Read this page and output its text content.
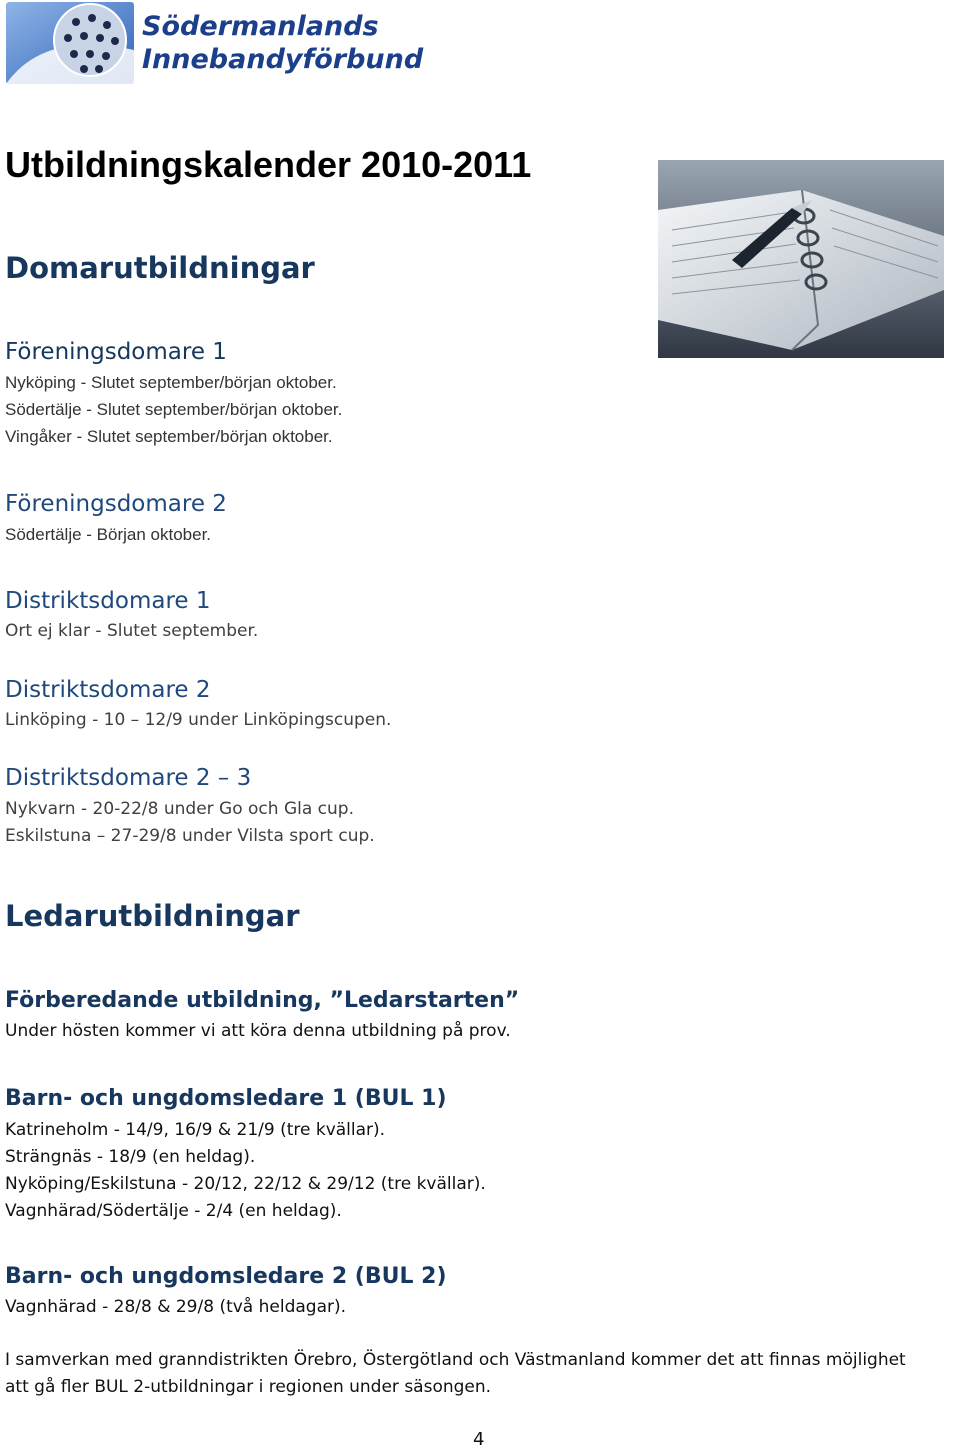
Södermanlands
Innebandyförbund
Utbildningskalender 2010-2011
Domarutbildningar
Föreningsdomare 1
Nyköping - Slutet september/början oktober.
Södertälje - Slutet september/början oktober.
Vingåker - Slutet september/början oktober.
Föreningsdomare 2
Södertälje - Början oktober.
Distriktsdomare 1
Ort ej klar - Slutet september.
Distriktsdomare 2
Linköping - 10 – 12/9 under Linköpingscupen.
Distriktsdomare 2 – 3
Nykvarn - 20-22/8 under Go och Gla cup.
Eskilstuna – 27-29/8 under Vilsta sport cup.
Ledarutbildningar
Förberedande utbildning, ”Ledarstarten”
Under hösten kommer vi att köra denna utbildning på prov.
Barn- och ungdomsledare 1 (BUL 1)
Katrineholm - 14/9, 16/9 & 21/9 (tre kvällar).
Strängnäs - 18/9 (en heldag).
Nyköping/Eskilstuna - 20/12, 22/12 & 29/12 (tre kvällar).
Vagnhärad/Södertälje - 2/4 (en heldag).
Barn- och ungdomsledare 2 (BUL 2)
Vagnhärad - 28/8 & 29/8 (två heldagar).
I samverkan med granndistrikten Örebro, Östergötland och Västmanland kommer det att finnas möjlighet
att gå fler BUL 2-utbildningar i regionen under säsongen.
4
